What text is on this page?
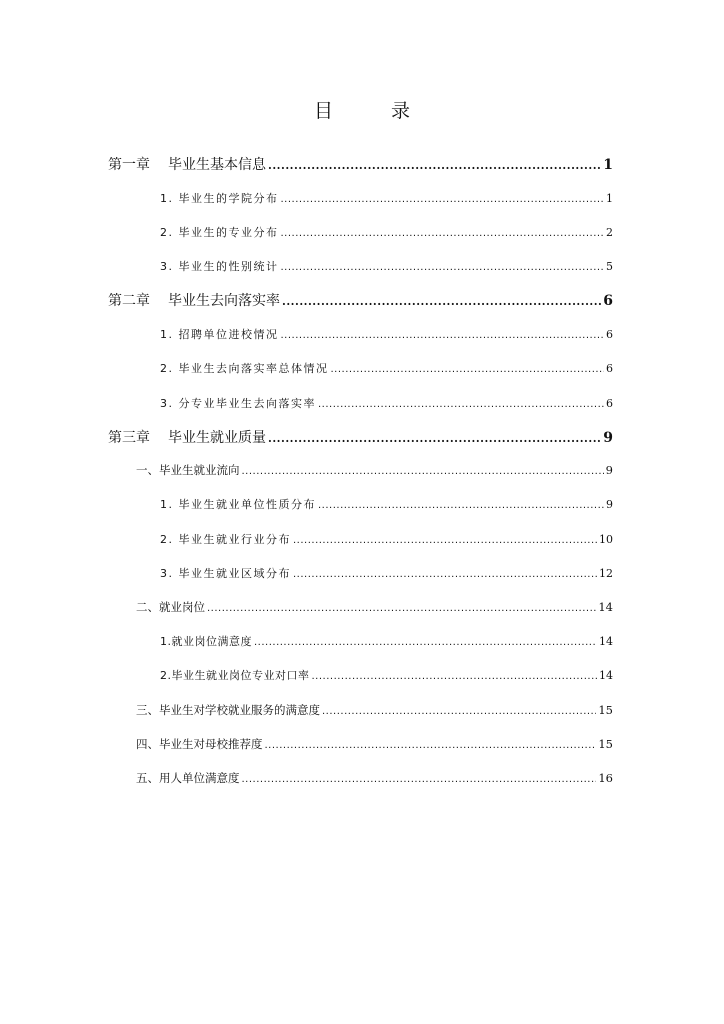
目 录
第一章 毕业生基本信息 .....	1
1. 毕业生的学院分布 .....	1
2. 毕业生的专业分布 .....	2
3. 毕业生的性别统计 .....	5
第二章 毕业生去向落实率 .....	6
1. 招聘单位进校情况 .....	6
2. 毕业生去向落实率总体情况 .....	6
3. 分专业毕业生去向落实率 .....	6
第三章 毕业生就业质量 .....	9
一、毕业生就业流向 .....	9
1. 毕业生就业单位性质分布 .....	9
2. 毕业生就业行业分布 .....	10
3. 毕业生就业区域分布 .....	12
二、就业岗位 .....	14
1.就业岗位满意度 .....	14
2.毕业生就业岗位专业对口率 .....	14
三、毕业生对学校就业服务的满意度 .....	15
四、毕业生对母校推荐度 .....	15
五、用人单位满意度 .....	16
